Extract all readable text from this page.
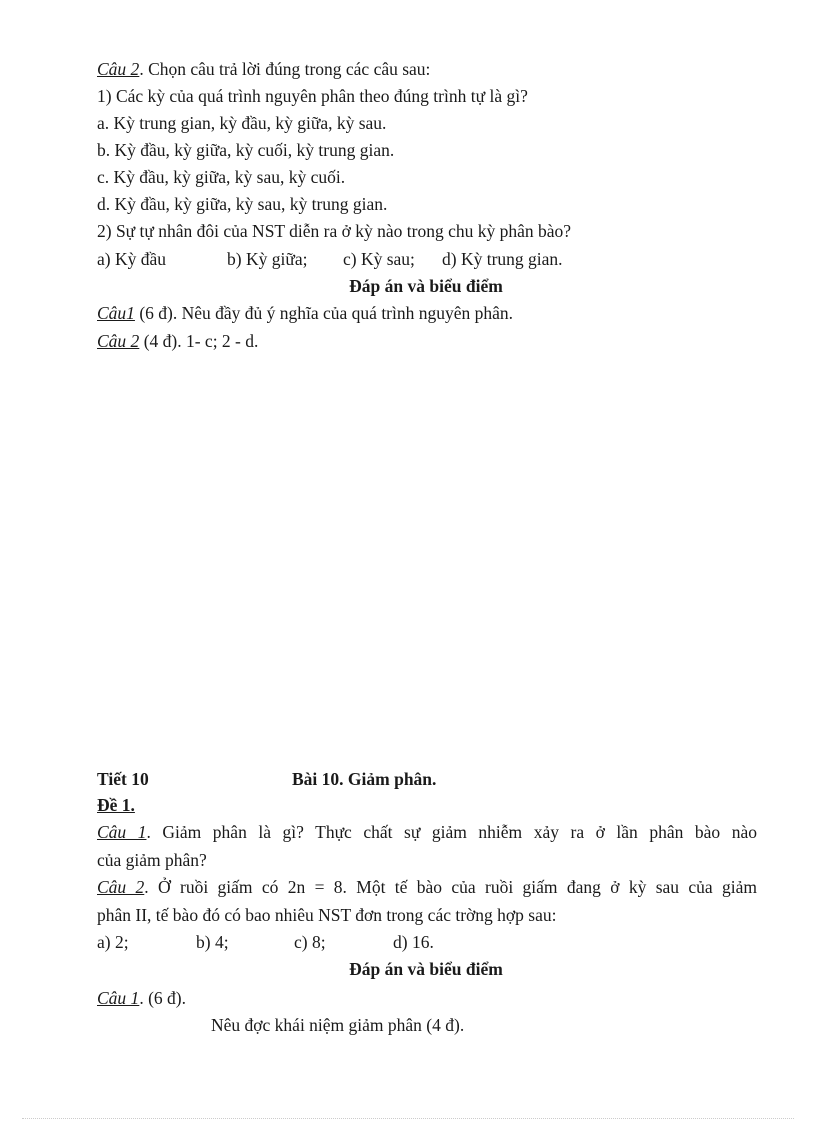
Câu 2. Chọn câu trả lời đúng trong các câu sau:
1) Các kỳ của quá trình nguyên phân theo đúng trình tự là gì?
a. Kỳ trung gian, kỳ đầu, kỳ giữa, kỳ sau.
b. Kỳ đầu, kỳ giữa, kỳ cuối, kỳ trung gian.
c. Kỳ đầu, kỳ giữa, kỳ sau, kỳ cuối.
d. Kỳ đầu, kỳ giữa, kỳ sau, kỳ trung gian.
2) Sự tự nhân đôi của NST diễn ra ở kỳ nào trong chu kỳ phân bào?
a) Kỳ đầu	b) Kỳ giữa; c) Kỳ sau; d) Kỳ trung gian.
Đáp án và biểu điểm
Câu1 (6 đ). Nêu đầy đủ ý nghĩa của quá trình nguyên phân.
Câu 2 (4 đ). 1- c; 2 - d.
Tiết 10	Bài 10. Giảm phân.
Đề 1.
Câu 1. Giảm phân là gì? Thực chất sự giảm nhiễm xảy ra ở lần phân bào nào
của giảm phân?
Câu 2. Ở ruồi giấm có 2n = 8. Một tế bào của ruồi giấm đang ở kỳ sau của giảm
phân II, tế bào đó có bao nhiêu NST đơn trong các trờng hợp sau:
a) 2;	b) 4;	c) 8;	d) 16.
Đáp án và biểu điểm
Câu 1. (6 đ).
Nêu đợc khái niệm giảm phân (4 đ).
